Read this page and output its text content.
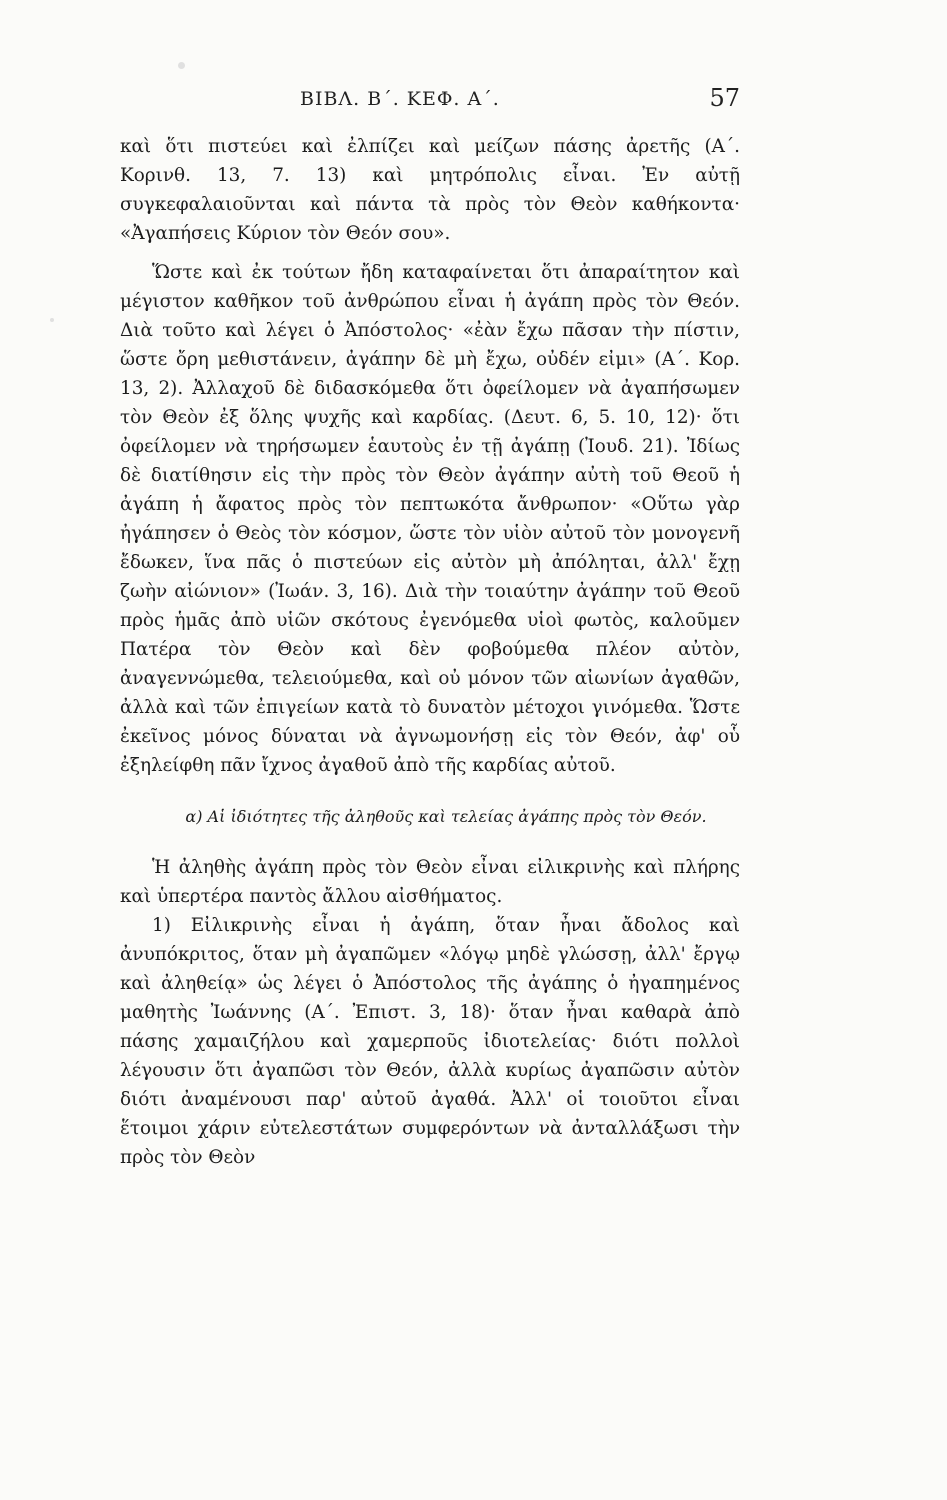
ΒΙΒΛ. Β΄. ΚΕΦ. Α΄.	57

καὶ ὅτι πιστεύει καὶ ἐλπίζει καὶ μείζων πάσης ἀρετῆς (Α΄. Κορινθ. 13, 7. 13) καὶ μητρόπολις εἶναι. Ἐν αὐτῇ συγκεφαλαιοῦνται καὶ πάντα τὰ πρὸς τὸν Θεὸν καθήκοντα· «Ἀγαπήσεις Κύριον τὸν Θεόν σου».

Ὥστε καὶ ἐκ τούτων ἤδη καταφαίνεται ὅτι ἀπαραίτητον καὶ μέγιστον καθῆκον τοῦ ἀνθρώπου εἶναι ἡ ἀγάπη πρὸς τὸν Θεόν. Διὰ τοῦτο καὶ λέγει ὁ Ἀπόστολος· «ἐὰν ἔχω πᾶσαν τὴν πίστιν, ὥστε ὄρη μεθιστάνειν, ἀγάπην δὲ μὴ ἔχω, οὐδέν εἰμι» (Α΄. Κορ. 13, 2). Ἀλλαχοῦ δὲ διδασκόμεθα ὅτι ὀφείλομεν νὰ ἀγαπήσωμεν τὸν Θεὸν ἐξ ὅλης ψυχῆς καὶ καρδίας. (Δευτ. 6, 5. 10, 12)· ὅτι ὀφείλομεν νὰ τηρήσωμεν ἑαυτοὺς ἐν τῇ ἀγάπῃ (Ἰουδ. 21). Ἰδίως δὲ διατίθησιν εἰς τὴν πρὸς τὸν Θεὸν ἀγάπην αὐτὴ τοῦ Θεοῦ ἡ ἀγάπη ἡ ἄφατος πρὸς τὸν πεπτωκότα ἄνθρωπον· «Οὕτω γὰρ ἠγάπησεν ὁ Θεὸς τὸν κόσμον, ὥστε τὸν υἱὸν αὐτοῦ τὸν μονογενῆ ἔδωκεν, ἵνα πᾶς ὁ πιστεύων εἰς αὐτὸν μὴ ἀπόληται, ἀλλ' ἔχῃ ζωὴν αἰώνιον» (Ἰωάν. 3, 16). Διὰ τὴν τοιαύτην ἀγάπην τοῦ Θεοῦ πρὸς ἡμᾶς ἀπὸ υἱῶν σκότους ἐγενόμεθα υἱοὶ φωτὸς, καλοῦμεν Πατέρα τὸν Θεὸν καὶ δὲν φοβούμεθα πλέον αὐτὸν, ἀναγεννώμεθα, τελειούμεθα, καὶ οὐ μόνον τῶν αἰωνίων ἀγαθῶν, ἀλλὰ καὶ τῶν ἐπιγείων κατὰ τὸ δυνατὸν μέτοχοι γινόμεθα. Ὥστε ἐκεῖνος μόνος δύναται νὰ ἀγνωμονήσῃ εἰς τὸν Θεόν, ἀφ' οὗ ἐξηλείφθη πᾶν ἴχνος ἀγαθοῦ ἀπὸ τῆς καρδίας αὐτοῦ.

α) Αἱ ἰδιότητες τῆς ἀληθοῦς καὶ τελείας ἀγάπης πρὸς τὸν Θεόν.

Ἡ ἀληθὴς ἀγάπη πρὸς τὸν Θεὸν εἶναι εἰλικρινὴς καὶ πλήρης καὶ ὑπερτέρα παντὸς ἄλλου αἰσθήματος.

1) Εἰλικρινὴς εἶναι ἡ ἀγάπη, ὅταν ἦναι ἄδολος καὶ ἀνυπόκριτος, ὅταν μὴ ἀγαπῶμεν «λόγῳ μηδὲ γλώσσῃ, ἀλλ' ἔργῳ καὶ ἀληθείᾳ» ὡς λέγει ὁ Ἀπόστολος τῆς ἀγάπης ὁ ἠγαπημένος μαθητὴς Ἰωάννης (Α΄. Ἐπιστ. 3, 18)· ὅταν ἦναι καθαρὰ ἀπὸ πάσης χαμαιζήλου καὶ χαμερποῦς ἰδιοτελείας· διότι πολλοὶ λέγουσιν ὅτι ἀγαπῶσι τὸν Θεόν, ἀλλὰ κυρίως ἀγαπῶσιν αὐτὸν διότι ἀναμένουσι παρ' αὐτοῦ ἀγαθά. Ἀλλ' οἱ τοιοῦτοι εἶναι ἕτοιμοι χάριν εὐτελεστάτων συμφερόντων νὰ ἀνταλλάξωσι τὴν πρὸς τὸν Θεὸν
